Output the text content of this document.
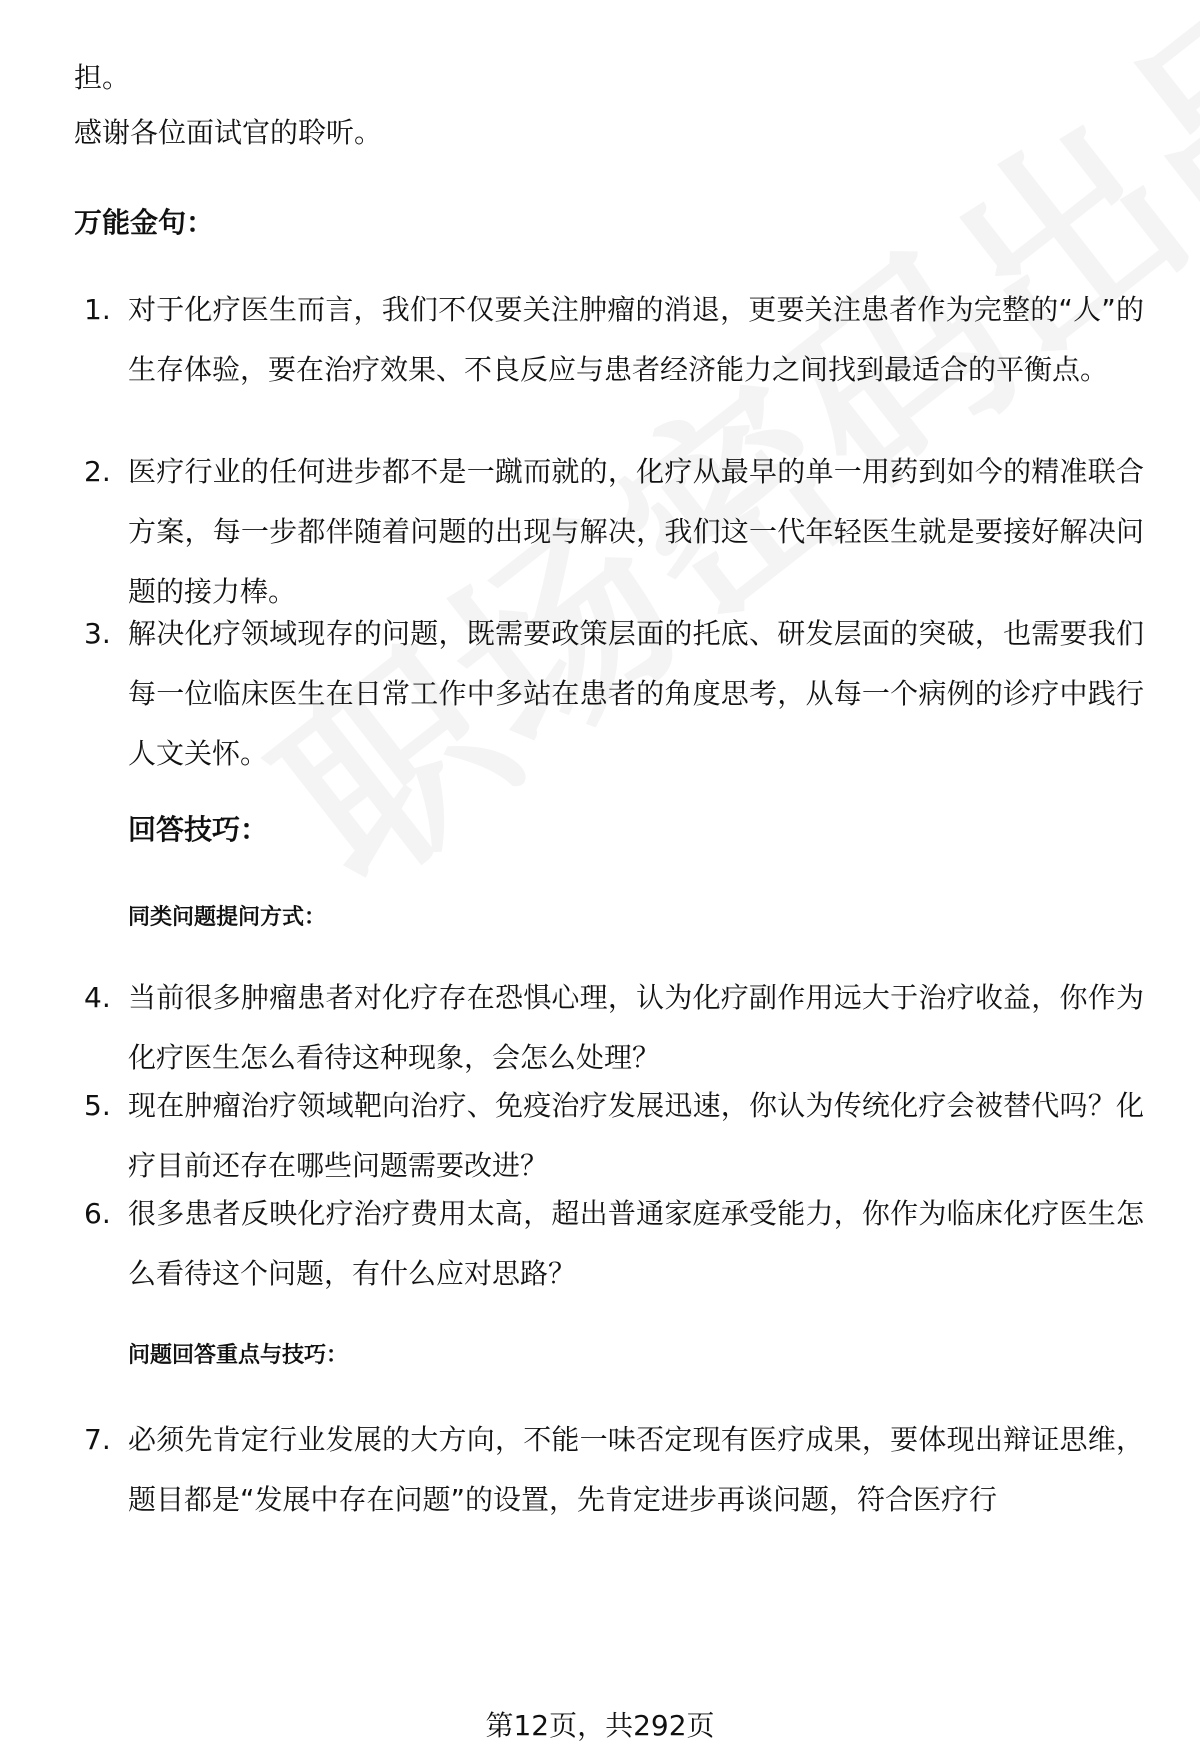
担。
感谢各位面试官的聆听。
万能金句：
1. 对于化疗医生而言，我们不仅要关注肿瘤的消退，更要关注患者作为完整的“人”的生存体验，要在治疗效果、不良反应与患者经济能力之间找到最适合的平衡点。
2. 医疗行业的任何进步都不是一蹴而就的，化疗从最早的单一用药到如今的精准联合方案，每一步都伴随着问题的出现与解决，我们这一代年轻医生就是要接好解决问题的接力棒。
3. 解决化疗领域现存的问题，既需要政策层面的托底、研发层面的突破，也需要我们每一位临床医生在日常工作中多站在患者的角度思考，从每一个病例的诊疗中践行人文关怀。
回答技巧：
同类问题提问方式：
4. 当前很多肿瘤患者对化疗存在恐惧心理，认为化疗副作用远大于治疗收益，你作为化疗医生怎么看待这种现象，会怎么处理？
5. 现在肿瘤治疗领域靶向治疗、免疫治疗发展迅速，你认为传统化疗会被替代吗？化疗目前还存在哪些问题需要改进？
6. 很多患者反映化疗治疗费用太高，超出普通家庭承受能力，你作为临床化疗医生怎么看待这个问题，有什么应对思路？
问题回答重点与技巧：
7. 必须先肯定行业发展的大方向，不能一味否定现有医疗成果，要体现出辩证思维，题目都是“发展中存在问题”的设置，先肯定进步再谈问题，符合医疗行
第12页，共292页
